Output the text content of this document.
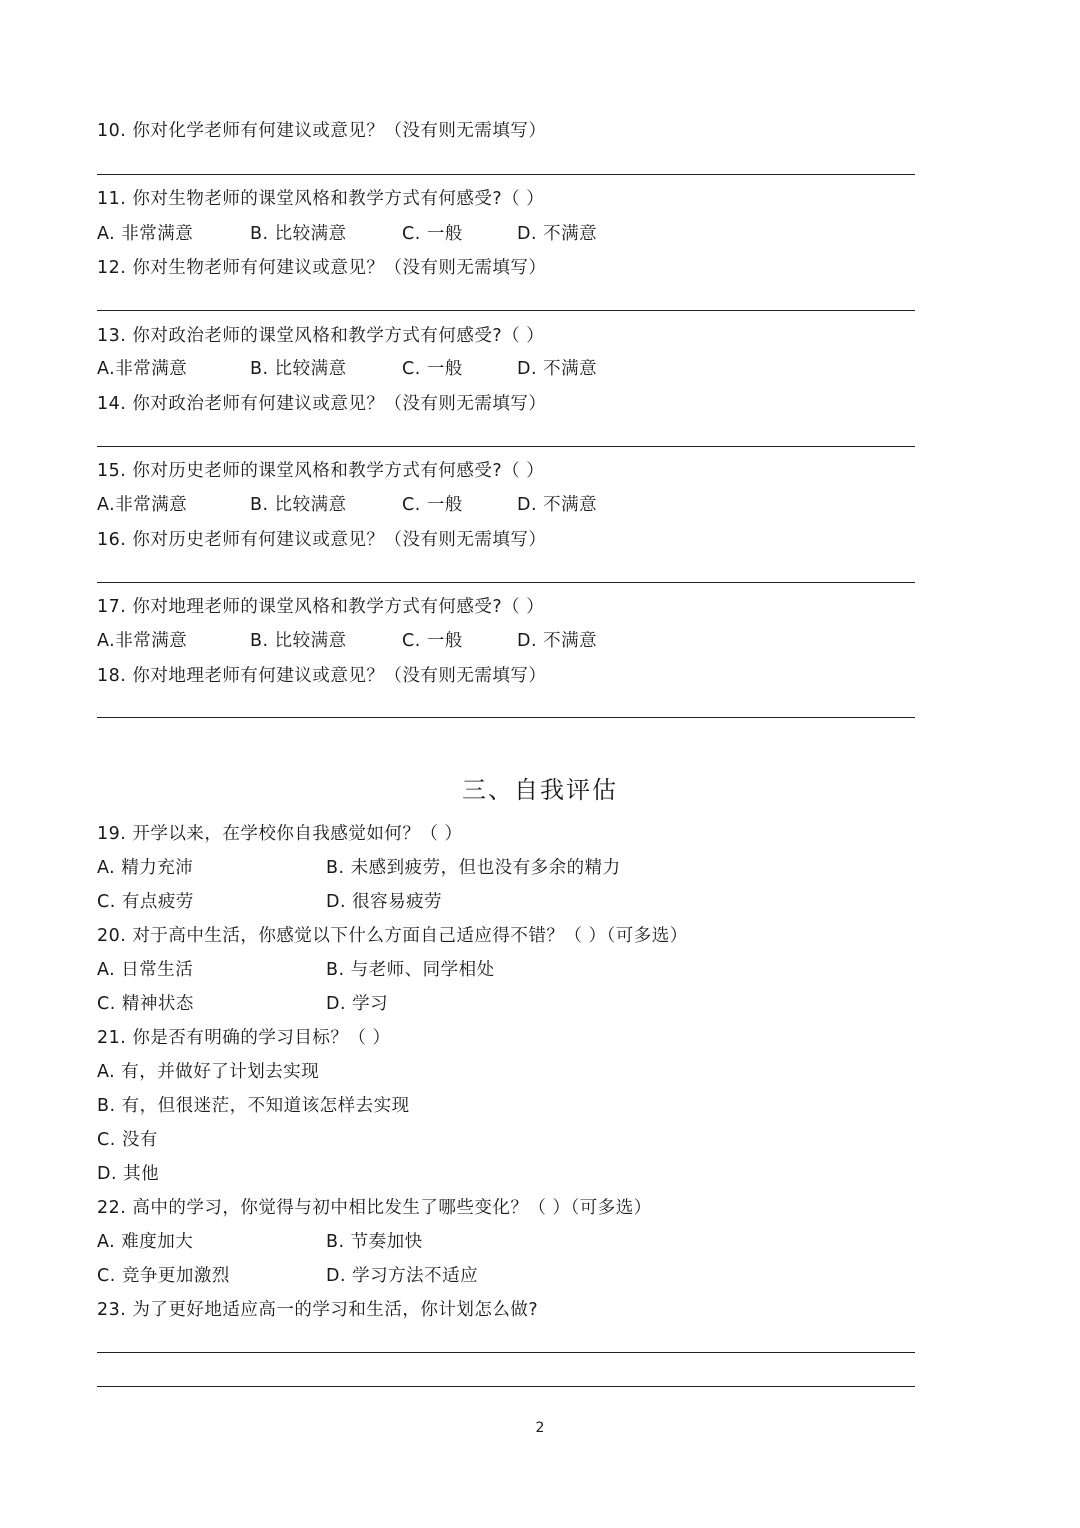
10. 你对化学老师有何建议或意见？（没有则无需填写）
11. 你对生物老师的课堂风格和教学方式有何感受?（ ）
A. 非常满意	B. 比较满意	C. 一般	D. 不满意
12. 你对生物老师有何建议或意见？（没有则无需填写）
13. 你对政治老师的课堂风格和教学方式有何感受?（ ）
A.非常满意	B. 比较满意	C. 一般	D. 不满意
14. 你对政治老师有何建议或意见？（没有则无需填写）
15. 你对历史老师的课堂风格和教学方式有何感受?（ ）
A.非常满意	B. 比较满意	C. 一般	D. 不满意
16. 你对历史老师有何建议或意见？（没有则无需填写）
17. 你对地理老师的课堂风格和教学方式有何感受?（ ）
A.非常满意	B. 比较满意	C. 一般	D. 不满意
18. 你对地理老师有何建议或意见？（没有则无需填写）
三、自我评估
19. 开学以来，在学校你自我感觉如何？（ ）
A. 精力充沛	B. 未感到疲劳，但也没有多余的精力
C. 有点疲劳	D. 很容易疲劳
20. 对于高中生活，你感觉以下什么方面自己适应得不错？（ ）（可多选）
A. 日常生活	B. 与老师、同学相处
C. 精神状态	D. 学习
21. 你是否有明确的学习目标？（ ）
A. 有，并做好了计划去实现
B. 有，但很迷茫，不知道该怎样去实现
C. 没有
D. 其他
22. 高中的学习，你觉得与初中相比发生了哪些变化？（ ）（可多选）
A. 难度加大	B. 节奏加快
C. 竞争更加激烈	D. 学习方法不适应
23. 为了更好地适应高一的学习和生活，你计划怎么做?
2
